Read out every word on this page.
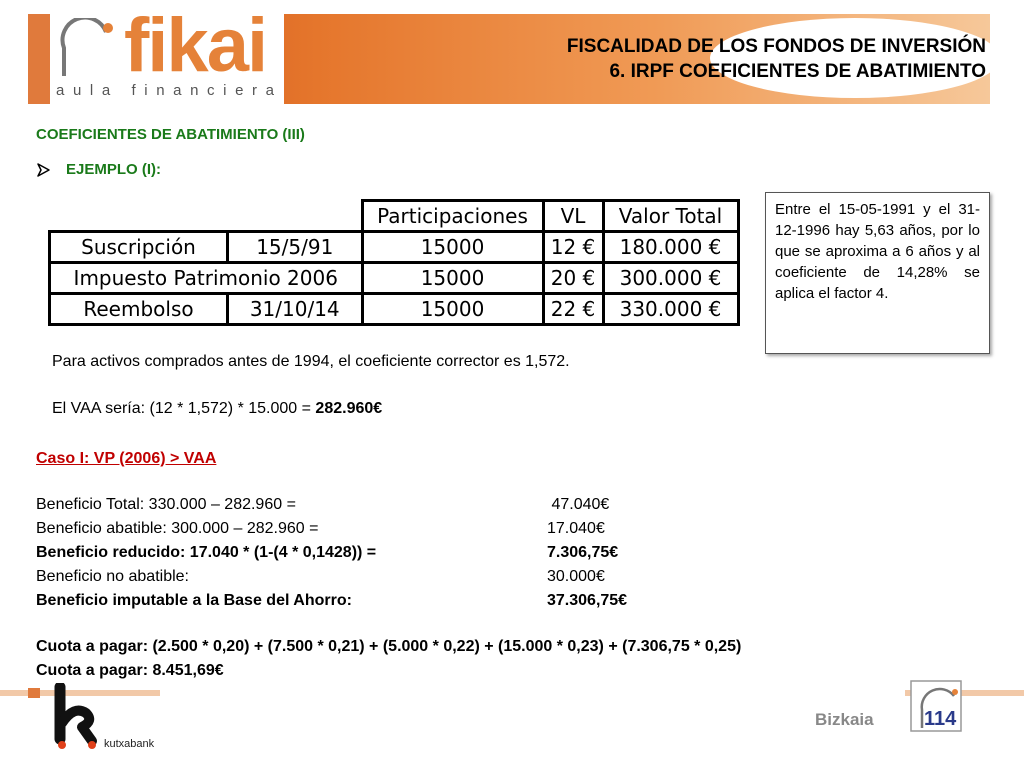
fikai
aula financiera
FISCALIDAD DE LOS FONDOS DE INVERSIÓN
6. IRPF COEFICIENTES DE ABATIMIENTO
COEFICIENTES DE ABATIMIENTO (III)
EJEMPLO (I):
		Participaciones	VL	Valor Total
Suscripción	15/5/91	15000	12 €	180.000 €
Impuesto Patrimonio 2006		15000	20 €	300.000 €
Reembolso	31/10/14	15000	22 €	330.000 €
Entre el 15-05-1991 y el 31-12-1996 hay 5,63 años, por lo que se aproxima a 6 años y al coeficiente de 14,28% se aplica el factor 4.
Para activos comprados antes de 1994, el coeficiente corrector es 1,572.
El VAA sería: (12 * 1,572) * 15.000 = 282.960€
Caso I: VP (2006) > VAA
Beneficio Total: 330.000 – 282.960 =	47.040€
Beneficio abatible: 300.000 – 282.960 =	17.040€
Beneficio reducido: 17.040 * (1-(4 * 0,1428)) =	7.306,75€
Beneficio no abatible:	30.000€
Beneficio imputable a la Base del Ahorro:	37.306,75€
Cuota a pagar: (2.500 * 0,20) + (7.500 * 0,21) + (5.000 * 0,22) + (15.000 * 0,23) + (7.306,75 * 0,25)
Cuota a pagar: 8.451,69€
kutxabank
Bizkaia	114
